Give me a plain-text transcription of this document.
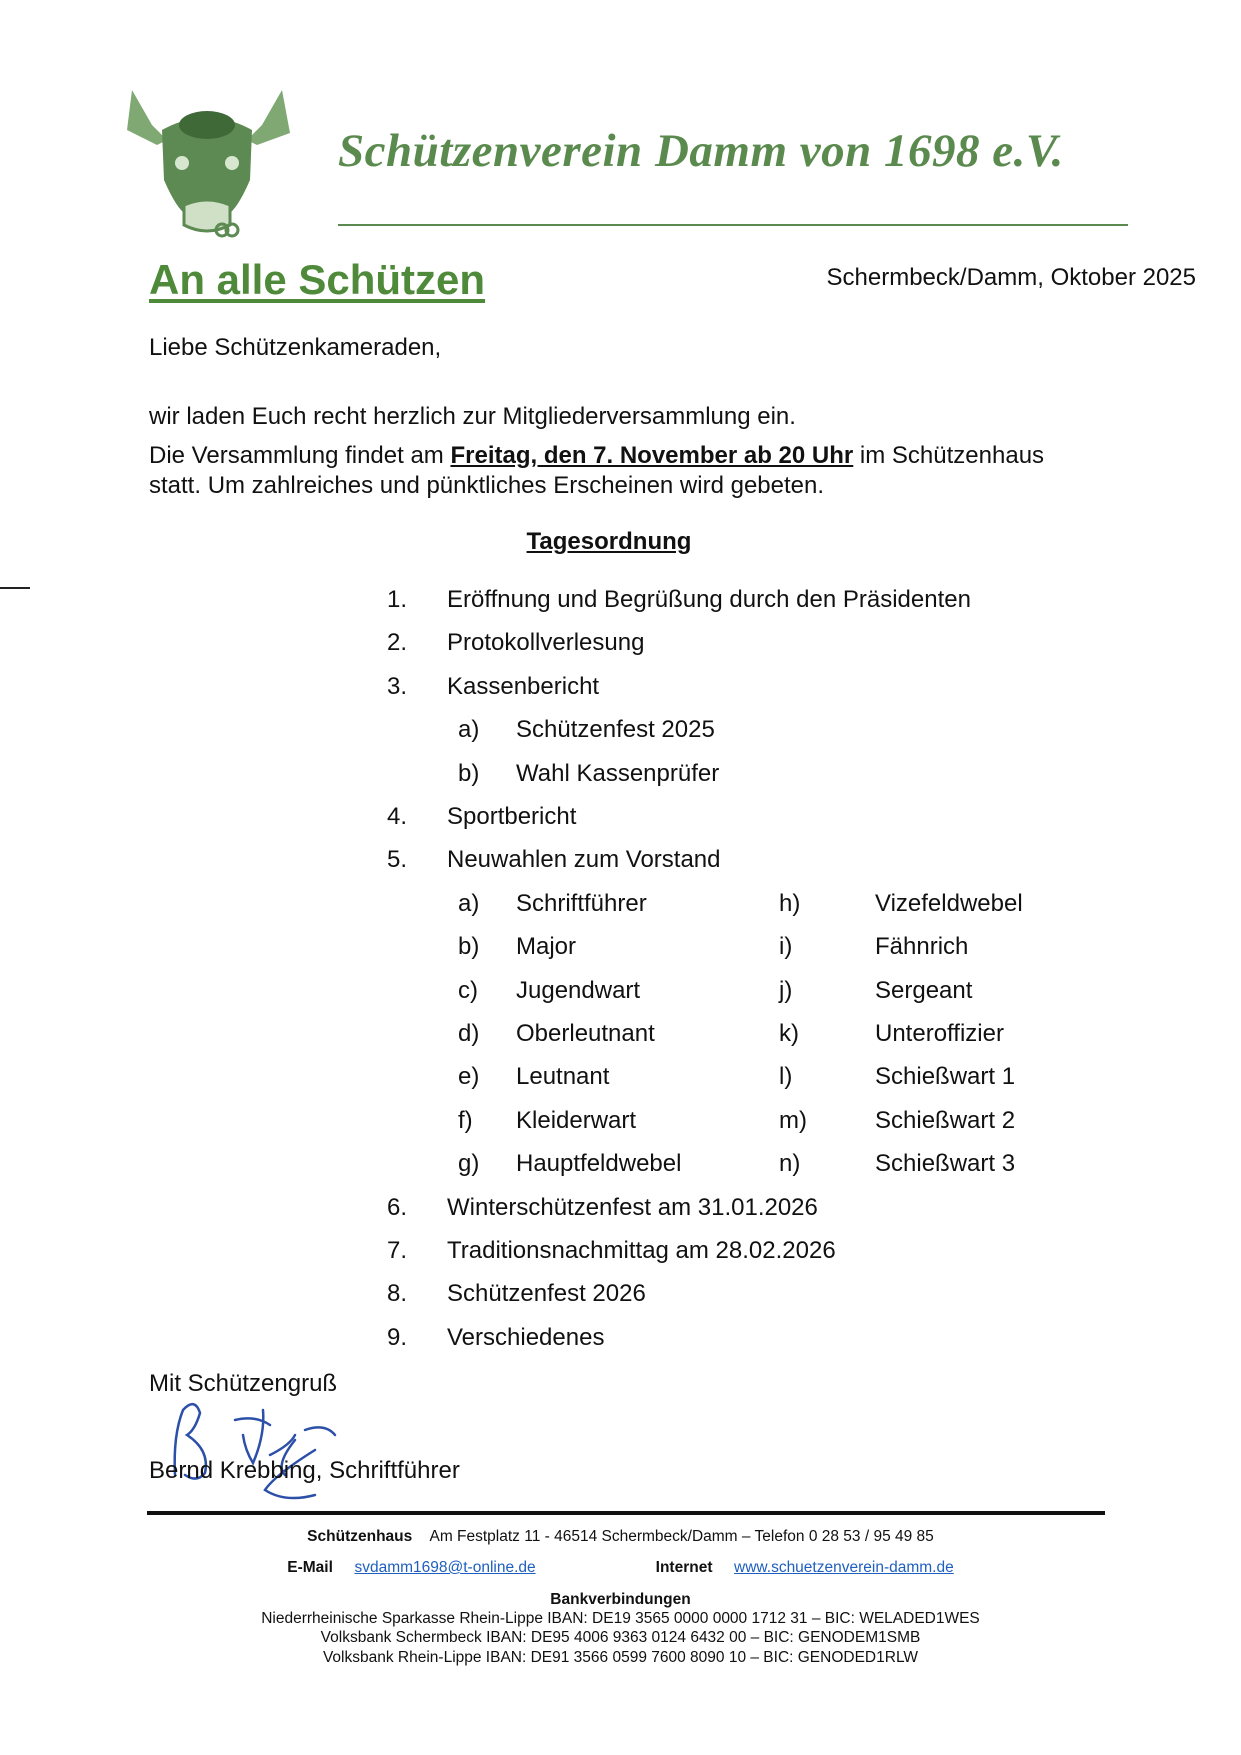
Schützenverein Damm von 1698 e.V.
An alle Schützen	Schermbeck/Damm, Oktober 2025
Liebe Schützenkameraden,
wir laden Euch recht herzlich zur Mitgliederversammlung ein.
Die Versammlung findet am Freitag, den 7. November ab 20 Uhr im Schützenhaus
statt. Um zahlreiches und pünktliches Erscheinen wird gebeten.
Tagesordnung
1. Eröffnung und Begrüßung durch den Präsidenten
2. Protokollverlesung
3. Kassenbericht
4. Sportbericht
5. Neuwahlen zum Vorstand
6. Winterschützenfest am 31.01.2026
7. Traditionsnachmittag am 28.02.2026
8. Schützenfest 2026
9. Verschiedenes
a) Schützenfest 2025
b) Wahl Kassenprüfer
a) Schriftführer	h)	Vizefeldwebel
b) Major	i)	Fähnrich
c) Jugendwart	j)	Sergeant
d) Oberleutnant	k)	Unteroffizier
e) Leutnant	l)	Schießwart 1
f) Kleiderwart	m)	Schießwart 2
g) Hauptfeldwebel	n)	Schießwart 3
Mit Schützengruß
Bernd Krebbing, Schriftführer
Schützenhaus Am Festplatz 11 - 46514 Schermbeck/Damm – Telefon 0 28 53 / 95 49 85
E-Mail svdamm1698@t-online.de	Internet www.schuetzenverein-damm.de
Bankverbindungen
Niederrheinische Sparkasse Rhein-Lippe IBAN: DE19 3565 0000 0000 1712 31 – BIC: WELADED1WES
Volksbank Schermbeck IBAN: DE95 4006 9363 0124 6432 00 – BIC: GENODEM1SMB
Volksbank Rhein-Lippe IBAN: DE91 3566 0599 7600 8090 10 – BIC: GENODED1RLW
